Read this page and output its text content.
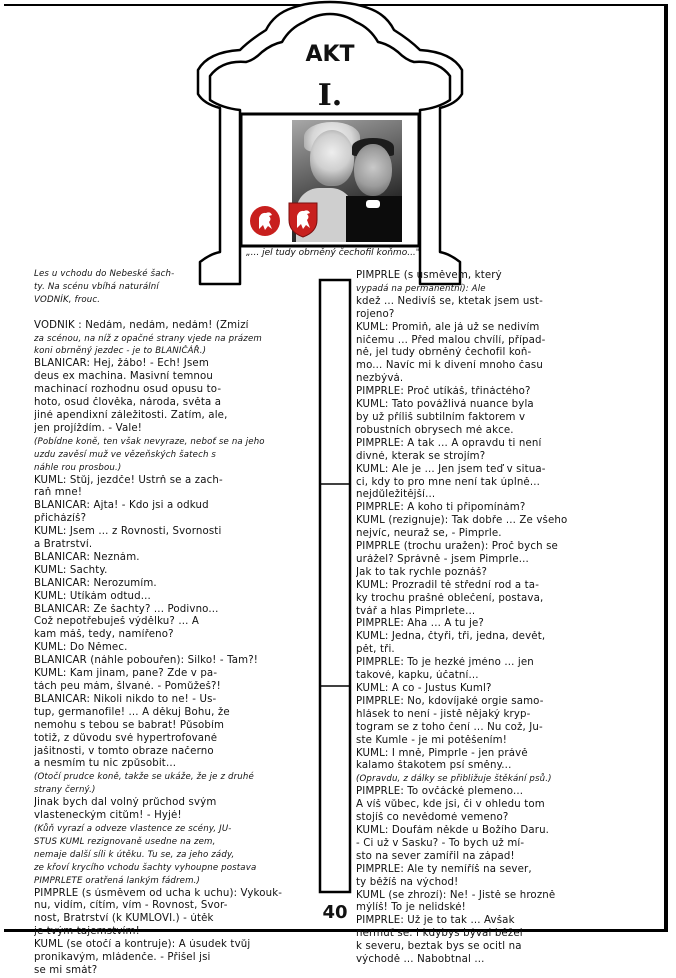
AKT
I.
„... jel tudy obrněný čechofil koňmo..."
Les u vchodu do Nebeské šach-
ty. Na scénu vbíhá naturální
VODNÍK, frouc.

VODNÍK : Nedám, nedám, nedám! (Zmizí
za scénou, na níž z opačné strany vjede na prázem
koni obrněný jezdec - je to BLANIČÁŘ.)
BLANIČÁŘ: Hej, žábo! - Ech! Jsem
deus ex machina. Masivní temnou
machinací rozhodnu osud opusu to-
hoto, osud člověka, národa, světa a
jiné apendixní záležitosti. Zatím, ale,
jen projíždím. - Vale!
(Pobídne koně, ten však nevyraze, neboť se na jeho
uzdu zavěsí muž ve vězeňských šatech s
náhle rou prosbou.)
KUML: Stůj, jezdče! Ustrň se a zach-
raň mne!
BLANIČÁŘ: Ajta! - Kdo jsi a odkud
přicházíš?
KUML: Jsem ... z Rovnosti, Svornosti
a Bratrství.
BLANIČÁŘ: Neznám.
KUML: Šachty.
BLANIČÁŘ: Nerozumím.
KUML: Utíkám odtud...
BLANIČÁŘ: Ze šachty? ... Podivno...
Což nepotřebuješ výdělku? ... A
kam máš, tedy, namířeno?
KUML: Do Němec.
BLANIČÁŘ (náhle pobouřen): Šilko! - Tam?!
KUML: Kam jinam, pane? Zde v pa-
tách peu mám, šlvané. - Pomůžeš?!
BLANIČÁŘ: Nikoli nikdo to ne! - Us-
tup, germanofile! ... A děkuj Bohu, že
nemohu s tebou se babrat! Působím
totiž, z důvodu své hypertrofované
jašitnosti, v tomto obraze načerno
a nesmím tu nic způsobit...
(Otočí prudce koně, takže se ukáže, že je z druhé
strany černý.)
Jinak bych dal volný průchod svým
vlasteneckým citům! - Hyjé!
(Kůň vyrazí a odveze vlastence ze scény, JU-
STUS KUML rezignovaně usedne na zem,
nemaje další síli k útěku. Tu se, za jeho zády,
ze křoví krycího vchodu šachty vyhoupne postava
PIMPRLETE oratřená lankým fádrem.)
PIMPRLE (s úsměvem od ucha k uchu): Vykouk-
nu, vidím, cítím, vím - Rovnost, Svor-
nost, Bratrství (k KUMLOVI.) - útěk
je tvým tajemstvím!
KUML (se otočí a kontruje): A úsudek tvůj
pronikavým, mládenče. - Přišel jsi
se mi smát?
PIMPRLE (s úsměvem, který
vypadá na permanentní): Ale
kdež ... Nedivíš se, ktetak jsem ust-
rojeno?
KUML: Promiň, ale já už se nedivím
ničemu ... Před malou chvílí, případ-
ně, jel tudy obrněný čechofil koň-
mo... Navíc mi k divení mnoho času
nezbývá.
PIMPRLE: Proč utíkáš, třináctého?
KUML: Tato povážlivá nuance byla
by už příliš subtilním faktorem v
robustních obrysech mé akce.
PIMPRLE: A tak ... A opravdu ti není
divné, kterak se strojím?
KUML: Ale je ... Jen jsem teď v situa-
ci, kdy to pro mne není tak úplně...
nejdůležitější...
PIMPRLE: A koho ti připomínám?
KUML (rezignuje): Tak dobře ... Ze všeho
nejvíc, neuraž se, - Pimprle.
PIMPRLE (trochu uražen): Proč bych se
urážel? Správně - jsem Pimprle...
Jak to tak rychle poznáš?
KUML: Prozradil tě střední rod a ta-
ky trochu prašné oblečení, postava,
tvář a hlas Pimprlete...
PIMPRLE: Aha ... A tu je?
KUML: Jedna, čtyři, tři, jedna, devět,
pět, tři.
PIMPRLE: To je hezké jméno ... jen
takové, kapku, účatní...
KUML: A co - Justus Kuml?
PIMPRLE: No, kdovíjaké orgie samo-
hlásek to není - jistě nějaký kryp-
togram se z toho čení ... Nu což, Ju-
ste Kumle - je mi potěšením!
KUML: I mně, Pimprle - jen právě
kalamo štakotem psí směny...
(Opravdu, z dálky se přibližuje štěkání psů.)
PIMPRLE: To ovčácké plemeno...
A víš vůbec, kde jsi, či v ohledu tom
stojíš co nevědomé vemeno?
KUML: Doufám někde u Božího Daru.
- Či už v Sasku? - To bych už mí-
sto na sever zamířil na západ!
PIMPRLE: Ale ty nemíříš na sever,
ty běžíš na východ!
KUML (se zhrozí): Ne! - Jistě se hrozně
mýlíš! To je nelidské!
PIMPRLE: Už je to tak ... Avšak
nermuť se. I kdybys býval běžel
k severu, beztak bys se ocitl na
východě ... Nabobtnal ...
40
